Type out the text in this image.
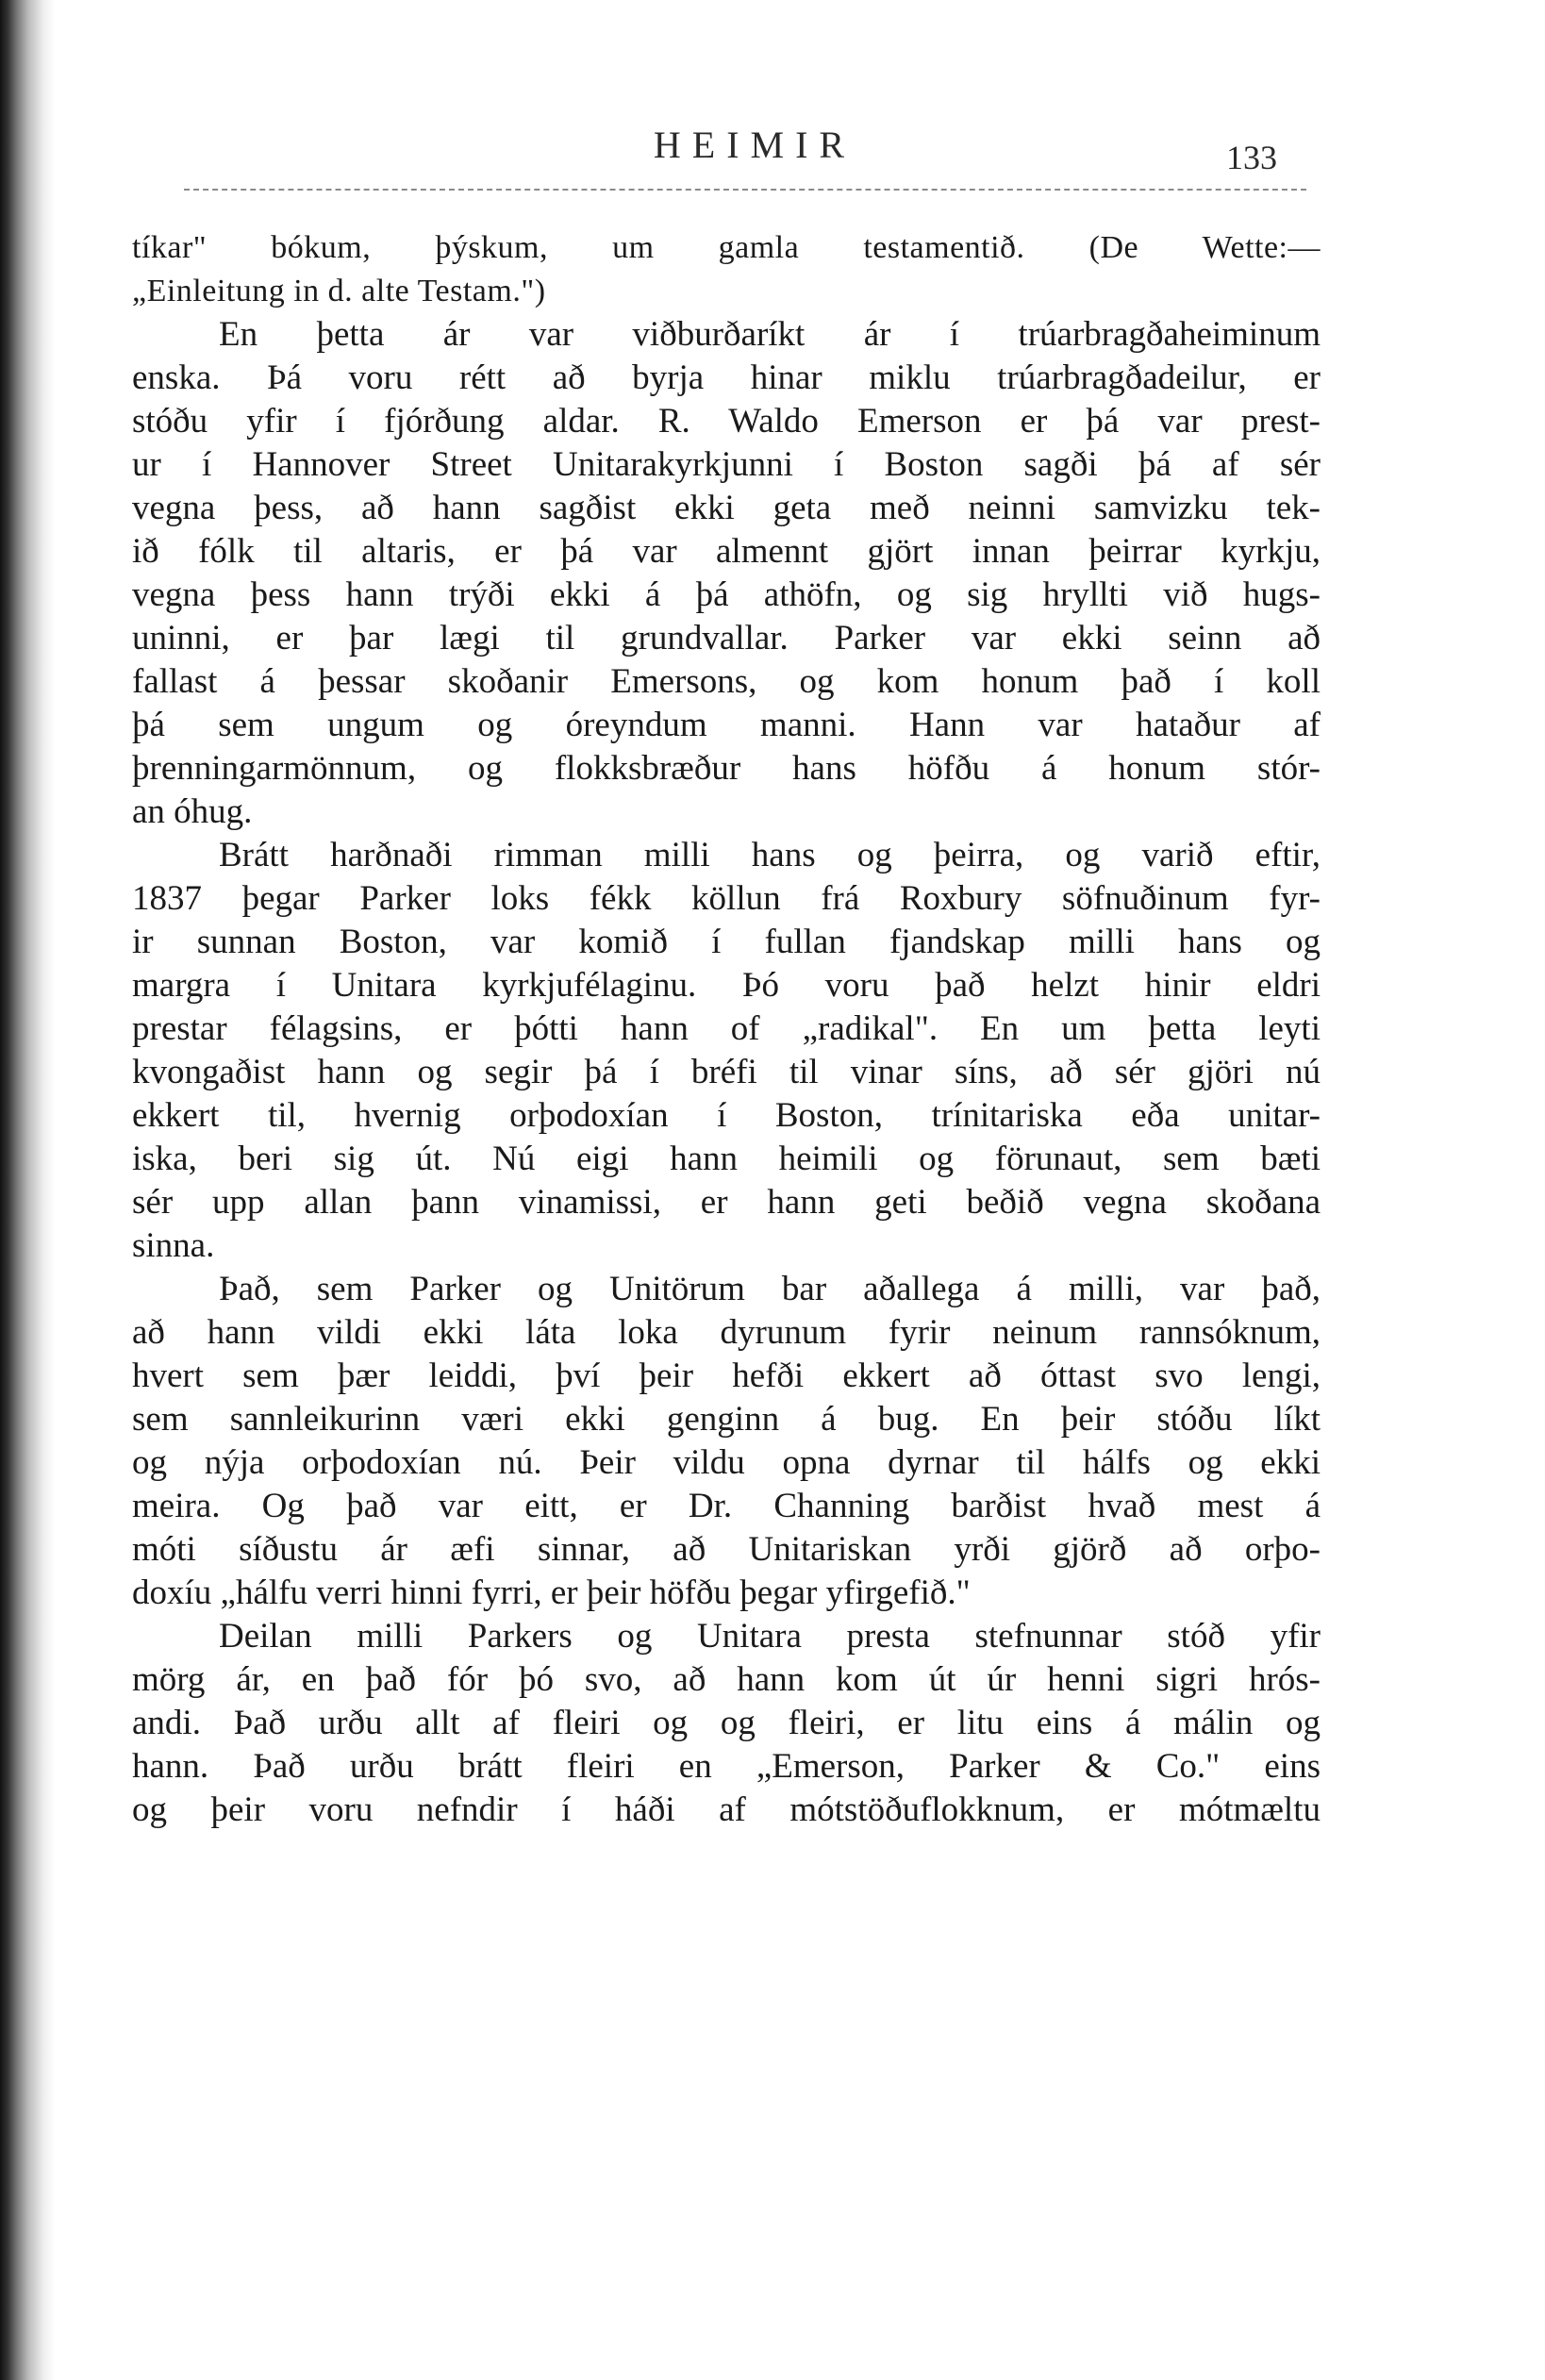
HEIMIR	133
tíkar" bókum, þýskum, um gamla testamentið. (De Wette:—
„Einleitung in d. alte Testam.")
En þetta ár var viðburðaríkt ár í trúarbragðaheiminum
enska. Þá voru rétt að byrja hinar miklu trúarbragðadeilur, er
stóðu yfir í fjórðung aldar. R. Waldo Emerson er þá var prest-
ur í Hannover Street Unitarakyrkjunni í Boston sagði þá af sér
vegna þess, að hann sagðist ekki geta með neinni samvizku tek-
ið fólk til altaris, er þá var almennt gjört innan þeirrar kyrkju,
vegna þess hann trýði ekki á þá athöfn, og sig hryllti við hugs-
uninni, er þar lægi til grundvallar. Parker var ekki seinn að
fallast á þessar skoðanir Emersons, og kom honum það í koll
þá sem ungum og óreyndum manni. Hann var hataður af
þrenningarmönnum, og flokksbræður hans höfðu á honum stór-
an óhug.
Brátt harðnaði rimman milli hans og þeirra, og varið eftir,
1837 þegar Parker loks fékk köllun frá Roxbury söfnuðinum fyr-
ir sunnan Boston, var komið í fullan fjandskap milli hans og
margra í Unitara kyrkjufélaginu. Þó voru það helzt hinir eldri
prestar félagsins, er þótti hann of „radikal". En um þetta leyti
kvongaðist hann og segir þá í bréfi til vinar síns, að sér gjöri nú
ekkert til, hvernig orþodoxían í Boston, trínitariska eða unitar-
iska, beri sig út. Nú eigi hann heimili og förunaut, sem bæti
sér upp allan þann vinamissi, er hann geti beðið vegna skoðana
sinna.
Það, sem Parker og Unitörum bar aðallega á milli, var það,
að hann vildi ekki láta loka dyrunum fyrir neinum rannsóknum,
hvert sem þær leiddi, því þeir hefði ekkert að óttast svo lengi,
sem sannleikurinn væri ekki genginn á bug. En þeir stóðu líkt
og nýja orþodoxían nú. Þeir vildu opna dyrnar til hálfs og ekki
meira. Og það var eitt, er Dr. Channing barðist hvað mest á
móti síðustu ár æfi sinnar, að Unitariskan yrði gjörð að orþo-
doxíu „hálfu verri hinni fyrri, er þeir höfðu þegar yfirgefið."
Deilan milli Parkers og Unitara presta stefnunnar stóð yfir
mörg ár, en það fór þó svo, að hann kom út úr henni sigri hrós-
andi. Það urðu allt af fleiri og og fleiri, er litu eins á málin og
hann. Það urðu brátt fleiri en „Emerson, Parker & Co." eins
og þeir voru nefndir í háði af mótstöðuflokknum, er mótmæltu
